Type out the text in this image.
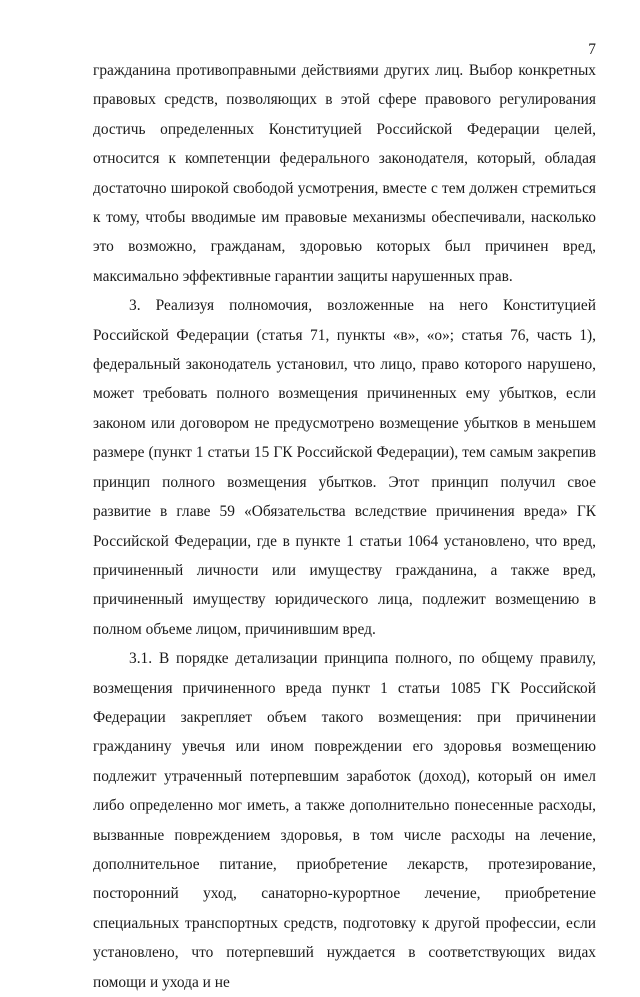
7

гражданина противоправными действиями других лиц. Выбор конкретных правовых средств, позволяющих в этой сфере правового регулирования достичь определенных Конституцией Российской Федерации целей, относится к компетенции федерального законодателя, который, обладая достаточно широкой свободой усмотрения, вместе с тем должен стремиться к тому, чтобы вводимые им правовые механизмы обеспечивали, насколько это возможно, гражданам, здоровью которых был причинен вред, максимально эффективные гарантии защиты нарушенных прав.

3. Реализуя полномочия, возложенные на него Конституцией Российской Федерации (статья 71, пункты «в», «о»; статья 76, часть 1), федеральный законодатель установил, что лицо, право которого нарушено, может требовать полного возмещения причиненных ему убытков, если законом или договором не предусмотрено возмещение убытков в меньшем размере (пункт 1 статьи 15 ГК Российской Федерации), тем самым закрепив принцип полного возмещения убытков. Этот принцип получил свое развитие в главе 59 «Обязательства вследствие причинения вреда» ГК Российской Федерации, где в пункте 1 статьи 1064 установлено, что вред, причиненный личности или имуществу гражданина, а также вред, причиненный имуществу юридического лица, подлежит возмещению в полном объеме лицом, причинившим вред.

3.1. В порядке детализации принципа полного, по общему правилу, возмещения причиненного вреда пункт 1 статьи 1085 ГК Российской Федерации закрепляет объем такого возмещения: при причинении гражданину увечья или ином повреждении его здоровья возмещению подлежит утраченный потерпевшим заработок (доход), который он имел либо определенно мог иметь, а также дополнительно понесенные расходы, вызванные повреждением здоровья, в том числе расходы на лечение, дополнительное питание, приобретение лекарств, протезирование, посторонний уход, санаторно-курортное лечение, приобретение специальных транспортных средств, подготовку к другой профессии, если установлено, что потерпевший нуждается в соответствующих видах помощи и ухода и не
